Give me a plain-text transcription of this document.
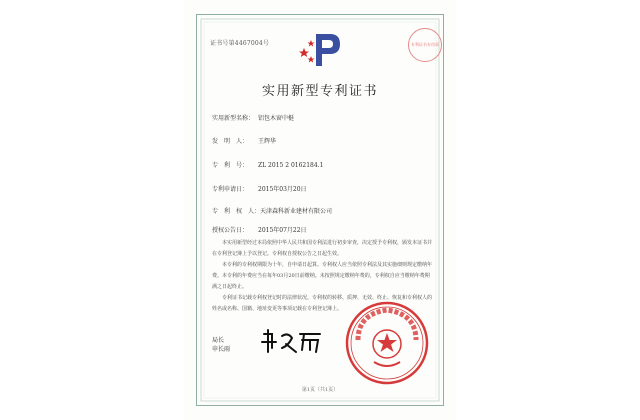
证书号第4467004号	专利证书专用章
实用新型专利证书
实用新型名称： 铝包木窗中梃
发　明　人： 王辉华
专　利　号： ZL 2015 2 0162184.1
专利申请日： 2015年03月20日
专　利　权　人：天津森科新业建材有限公司
授权公告日： 2015年07月22日

本实用新型经过本局依照中华人民共和国专利法进行初步审查，决定授予专利权，颁发本证书并在专利登记簿上予以登记。专利权自授权公告之日起生效。

本专利的专利权期限为十年，自申请日起算。专利权人应当依照专利法及其实施细则规定缴纳年费。本专利的年费应当在每年03月20日前缴纳。未按照规定缴纳年费的，专利权自应当缴纳年费期满之日起终止。

专利证书记载专利权登记时的法律状况。专利权的转移、质押、无效、终止、恢复和专利权人的姓名或名称、国籍、地址变更等事项记载在专利登记簿上。

局长
申长雨
第1页（共1页）
